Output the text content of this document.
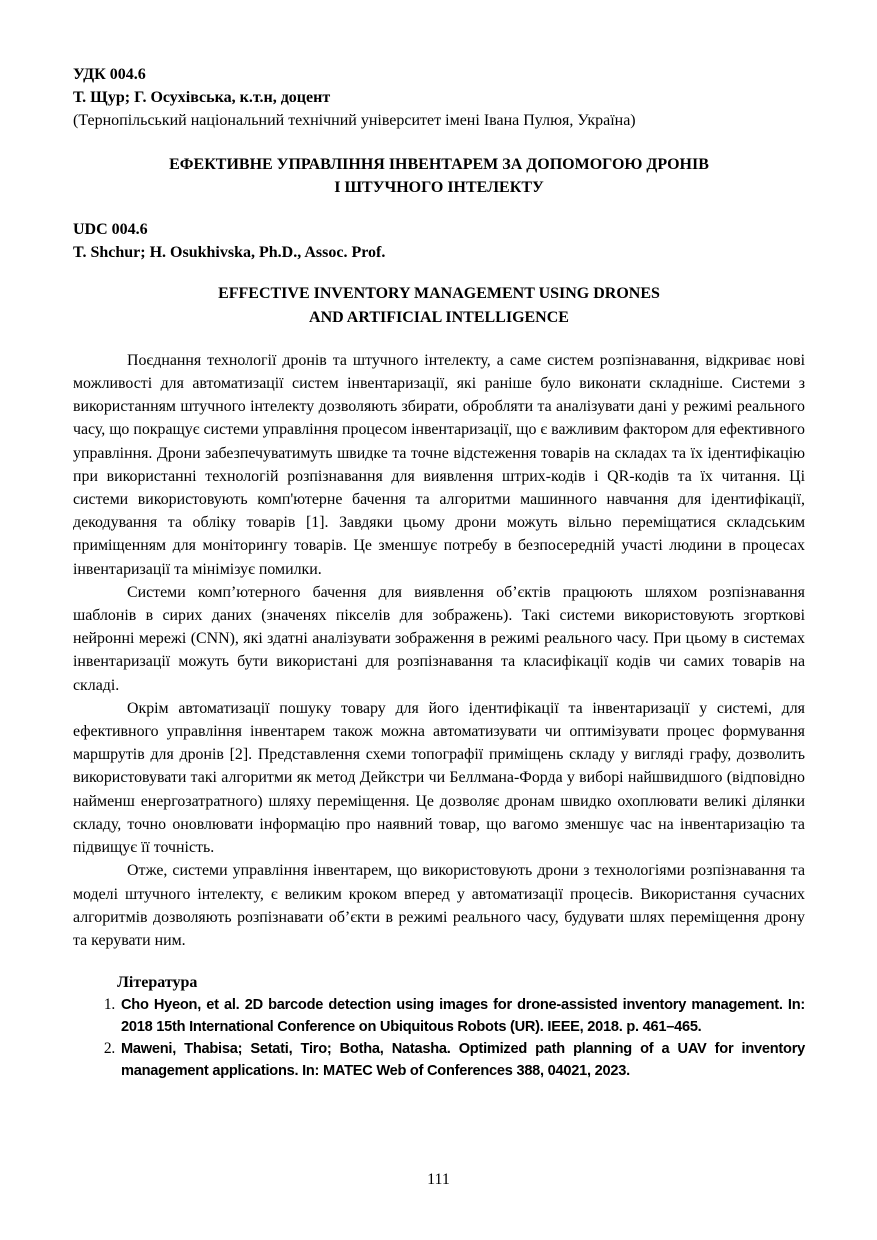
УДК 004.6
Т. Щур; Г. Осухівська, к.т.н, доцент
(Тернопільський національний технічний університет імені Івана Пулюя, Україна)
ЕФЕКТИВНЕ УПРАВЛІННЯ ІНВЕНТАРЕМ ЗА ДОПОМОГОЮ ДРОНІВ
І ШТУЧНОГО ІНТЕЛЕКТУ
UDC 004.6
T. Shchur; H. Osukhivska, Ph.D., Assoc. Prof.
EFFECTIVE INVENTORY MANAGEMENT USING DRONES
AND ARTIFICIAL INTELLIGENCE

Поєднання технології дронів та штучного інтелекту, а саме систем розпізнавання, відкриває нові можливості для автоматизації систем інвентаризації, які раніше було виконати складніше. Системи з використанням штучного інтелекту дозволяють збирати, обробляти та аналізувати дані у режимі реального часу, що покращує системи управління процесом інвентаризації, що є важливим фактором для ефективного управління. Дрони забезпечуватимуть швидке та точне відстеження товарів на складах та їх ідентифікацію при використанні технологій розпізнавання для виявлення штрих-кодів і QR-кодів та їх читання. Ці системи використовують комп'ютерне бачення та алгоритми машинного навчання для ідентифікації, декодування та обліку товарів [1]. Завдяки цьому дрони можуть вільно переміщатися складським приміщенням для моніторингу товарів. Це зменшує потребу в безпосередній участі людини в процесах інвентаризації та мінімізує помилки.

Системи комп’ютерного бачення для виявлення об’єктів працюють шляхом розпізнавання шаблонів в сирих даних (значенях пікселів для зображень). Такі системи використовують згорткові нейронні мережі (CNN), які здатні аналізувати зображення в режимі реального часу. При цьому в системах інвентаризації можуть бути використані для розпізнавання та класифікації кодів чи самих товарів на складі.

Окрім автоматизації пошуку товару для його ідентифікації та інвентаризації у системі, для ефективного управління інвентарем також можна автоматизувати чи оптимізувати процес формування маршрутів для дронів [2]. Представлення схеми топографії приміщень складу у вигляді графу, дозволить використовувати такі алгоритми як метод Дейкстри чи Беллмана-Форда у виборі найшвидшого (відповідно найменш енергозатратного) шляху переміщення. Це дозволяє дронам швидко охоплювати великі ділянки складу, точно оновлювати інформацію про наявний товар, що вагомо зменшує час на інвентаризацію та підвищує її точність.

Отже, системи управління інвентарем, що використовують дрони з технологіями розпізнавання та моделі штучного інтелекту, є великим кроком вперед у автоматизації процесів. Використання сучасних алгоритмів дозволяють розпізнавати об’єкти в режимі реального часу, будувати шлях переміщення дрону та керувати ним.

Література
1. Cho Hyeon, et al. 2D barcode detection using images for drone-assisted inventory management. In: 2018 15th International Conference on Ubiquitous Robots (UR). IEEE, 2018. p. 461–465.
2. Maweni, Thabisa; Setati, Tiro; Botha, Natasha. Optimized path planning of a UAV for inventory management applications. In: MATEC Web of Conferences 388, 04021, 2023.
111
